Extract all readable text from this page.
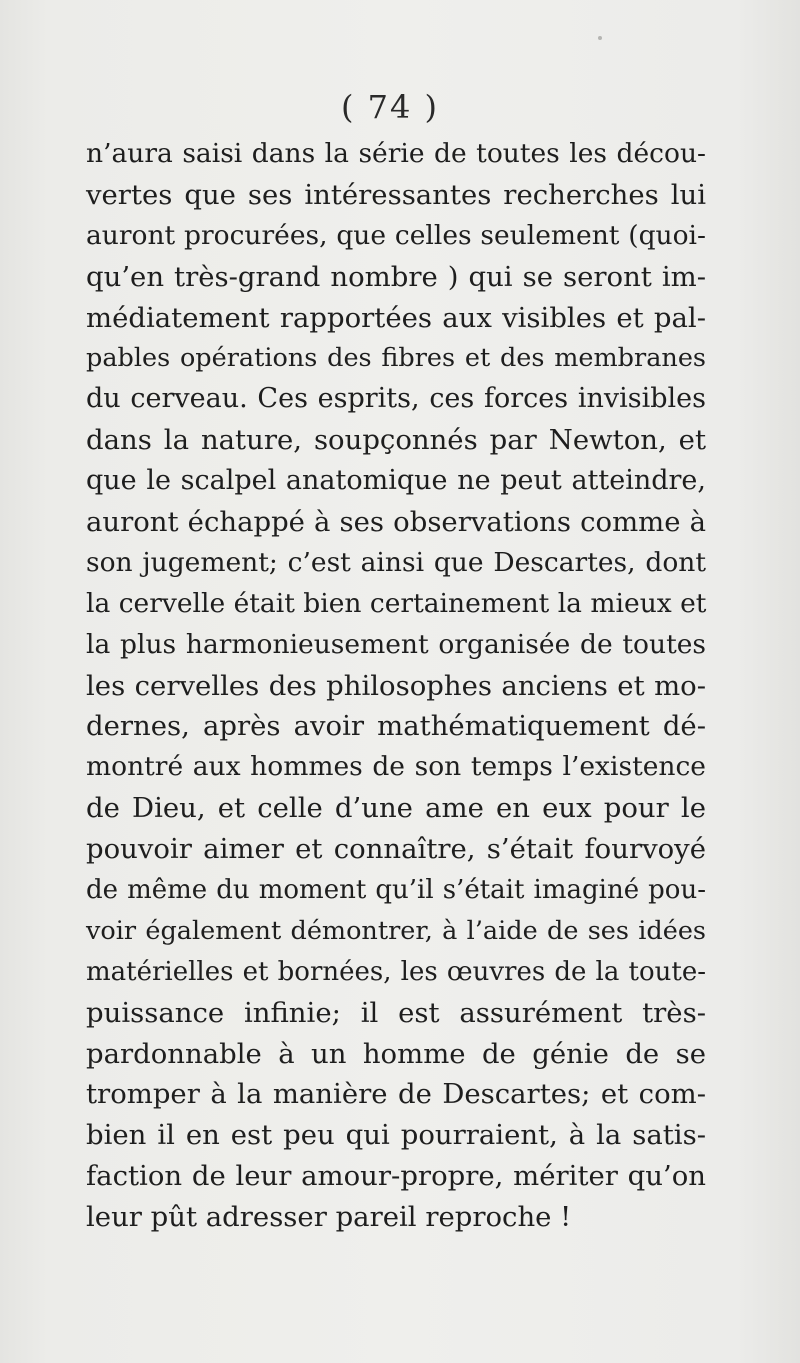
( 74 )
n’aura saisi dans la série de toutes les décou-
vertes que ses intéressantes recherches lui
auront procurées, que celles seulement (quoi-
qu’en très-grand nombre ) qui se seront im-
médiatement rapportées aux visibles et pal-
pables opérations des fibres et des membranes
du cerveau. Ces esprits, ces forces invisibles
dans la nature, soupçonnés par Newton, et
que le scalpel anatomique ne peut atteindre,
auront échappé à ses observations comme à
son jugement; c’est ainsi que Descartes, dont
la cervelle était bien certainement la mieux et
la plus harmonieusement organisée de toutes
les cervelles des philosophes anciens et mo-
dernes, après avoir mathématiquement dé-
montré aux hommes de son temps l’existence
de Dieu, et celle d’une ame en eux pour le
pouvoir aimer et connaître, s’était fourvoyé
de même du moment qu’il s’était imaginé pou-
voir également démontrer, à l’aide de ses idées
matérielles et bornées, les œuvres de la toute-
puissance infinie; il est assurément très-
pardonnable à un homme de génie de se
tromper à la manière de Descartes; et com-
bien il en est peu qui pourraient, à la satis-
faction de leur amour-propre, mériter qu’on
leur pût adresser pareil reproche !
